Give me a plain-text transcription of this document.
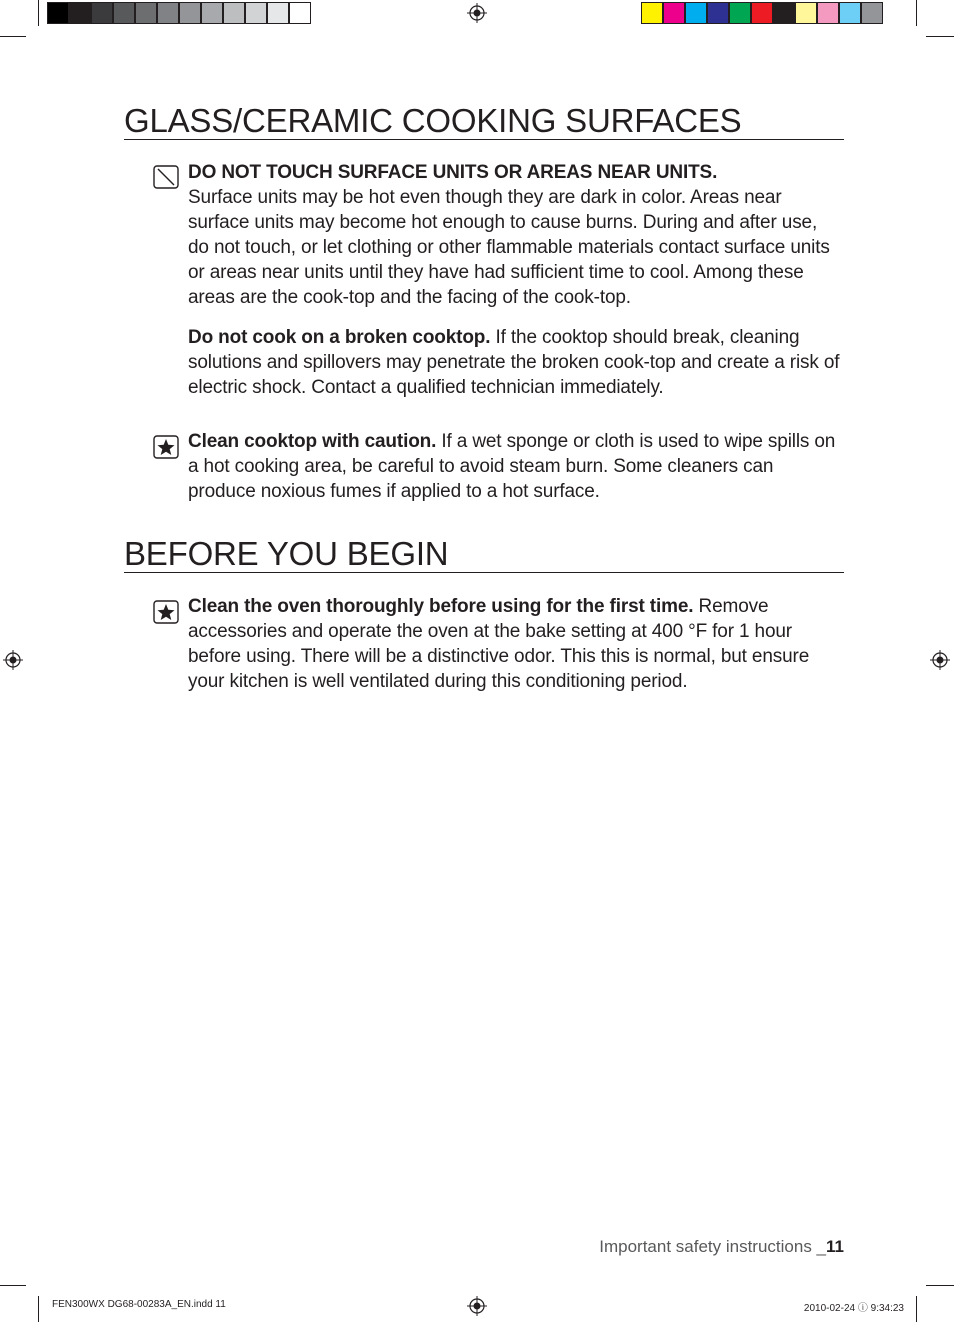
GLASS/CERAMIC COOKING SURFACES

DO NOT TOUCH SURFACE UNITS OR AREAS NEAR UNITS.
Surface units may be hot even though they are dark in color. Areas near surface units may become hot enough to cause burns. During and after use, do not touch, or let clothing or other flammable materials contact surface units or areas near units until they have had sufficient time to cool. Among these areas are the cook-top and the facing of the cook-top.

Do not cook on a broken cooktop. If the cooktop should break, cleaning solutions and spillovers may penetrate the broken cook-top and create a risk of electric shock. Contact a qualified technician immediately.

Clean cooktop with caution. If a wet sponge or cloth is used to wipe spills on a hot cooking area, be careful to avoid steam burn. Some cleaners can produce noxious fumes if applied to a hot surface.

BEFORE YOU BEGIN

Clean the oven thoroughly before using for the first time. Remove accessories and operate the oven at the bake setting at 400 °F for 1 hour before using. There will be a distinctive odor. This this is normal, but ensure your kitchen is well ventilated during this conditioning period.

Important safety instructions _11
FEN300WX DG68-00283A_EN.indd 11	2010-02-24 ⓘ 9:34:23
